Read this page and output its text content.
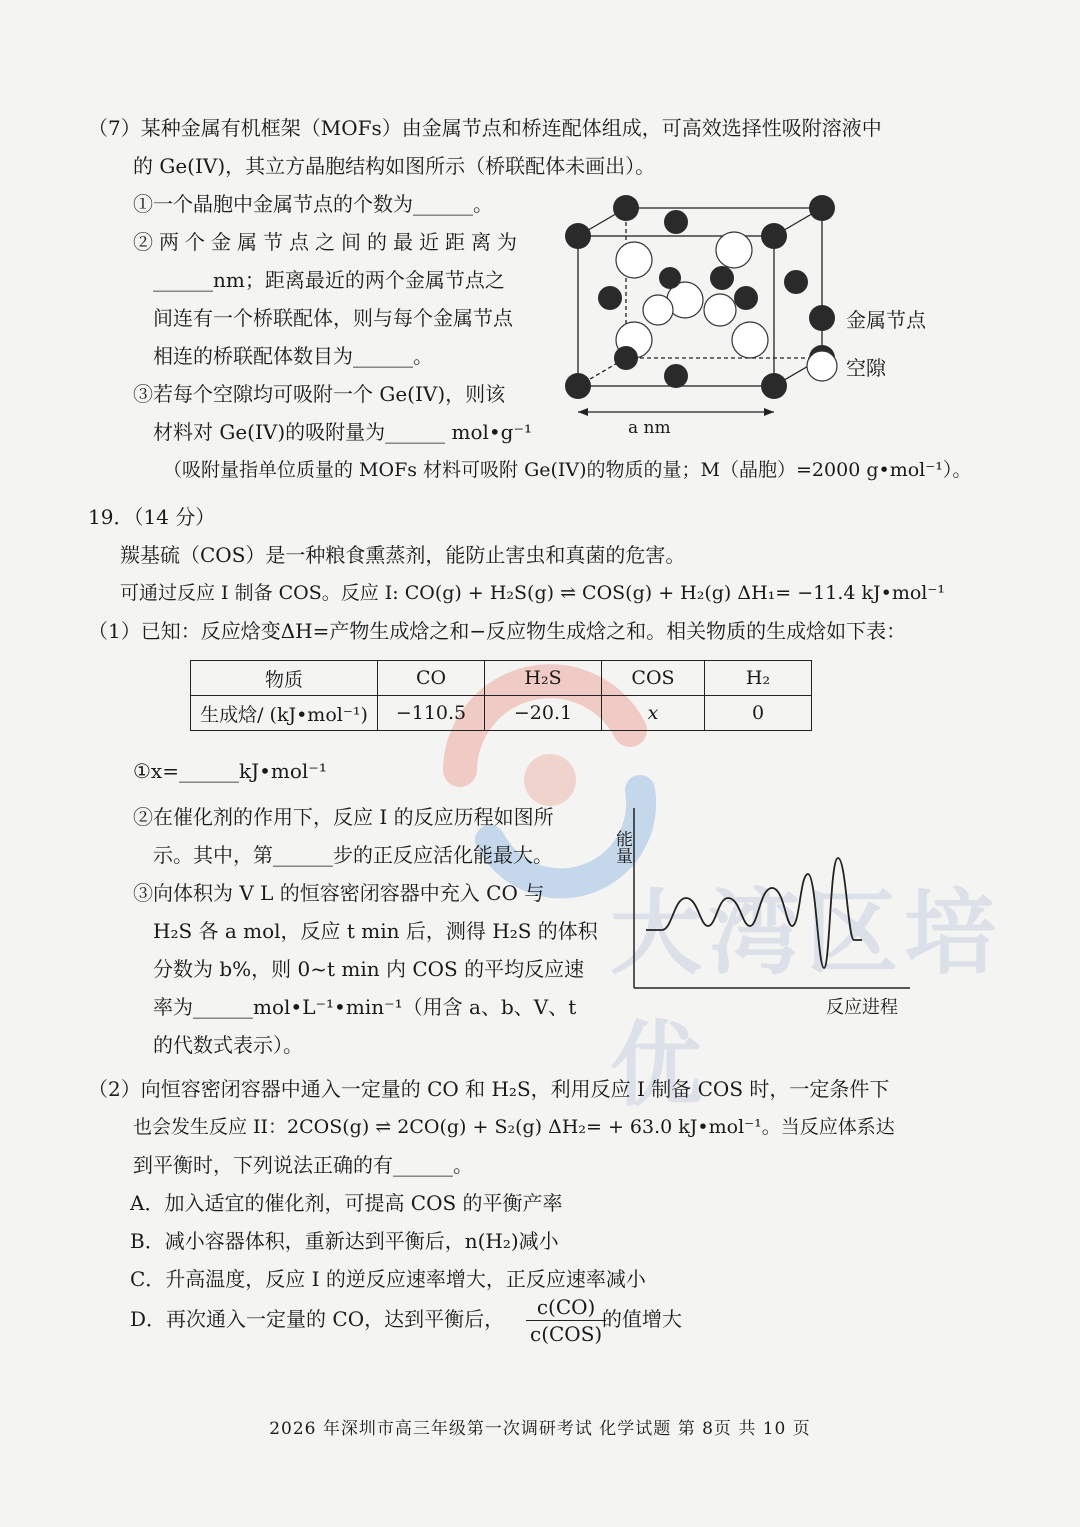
大湾区培优
（7）某种金属有机框架（MOFs）由金属节点和桥连配体组成，可高效选择性吸附溶液中
的 Ge(IV)，其立方晶胞结构如图所示（桥联配体未画出）。
①一个晶胞中金属节点的个数为______。
②两个金属节点之间的最近距离为
______nm；距离最近的两个金属节点之
间连有一个桥联配体，则与每个金属节点
相连的桥联配体数目为______。
③若每个空隙均可吸附一个 Ge(IV)，则该
材料对 Ge(IV)的吸附量为______ mol•g⁻¹
（吸附量指单位质量的 MOFs 材料可吸附 Ge(IV)的物质的量；M（晶胞）=2000 g•mol⁻¹）。
金属节点
空隙
a nm
19．（14 分）
羰基硫（COS）是一种粮食熏蒸剂，能防止害虫和真菌的危害。
可通过反应 I 制备 COS。反应 I: CO(g) + H₂S(g) ⇌ COS(g) + H₂(g) ΔH₁= −11.4 kJ•mol⁻¹
（1）已知：反应焓变ΔH=产物生成焓之和−反应物生成焓之和。相关物质的生成焓如下表：
物质	CO	H₂S	COS	H₂
生成焓/ (kJ•mol⁻¹)	−110.5	−20.1	x	0
①x=______kJ•mol⁻¹
②在催化剂的作用下，反应 I 的反应历程如图所
示。其中，第______步的正反应活化能最大。
③向体积为 V L 的恒容密闭容器中充入 CO 与
H₂S 各 a mol，反应 t min 后，测得 H₂S 的体积
分数为 b%，则 0~t min 内 COS 的平均反应速
率为______mol•L⁻¹•min⁻¹（用含 a、b、V、t
的代数式表示）。
能量
反应进程
（2）向恒容密闭容器中通入一定量的 CO 和 H₂S，利用反应 I 制备 COS 时，一定条件下
也会发生反应 II：2COS(g) ⇌ 2CO(g) + S₂(g) ΔH₂= + 63.0 kJ•mol⁻¹。当反应体系达
到平衡时，下列说法正确的有______。
A．加入适宜的催化剂，可提高 COS 的平衡产率
B．减小容器体积，重新达到平衡后，n(H₂)减小
C．升高温度，反应 I 的逆反应速率增大，正反应速率减小
D．再次通入一定量的 CO，达到平衡后，	c(CO)
c(COS)
的值增大
2026 年深圳市高三年级第一次调研考试 化学试题 第 8页 共 10 页
